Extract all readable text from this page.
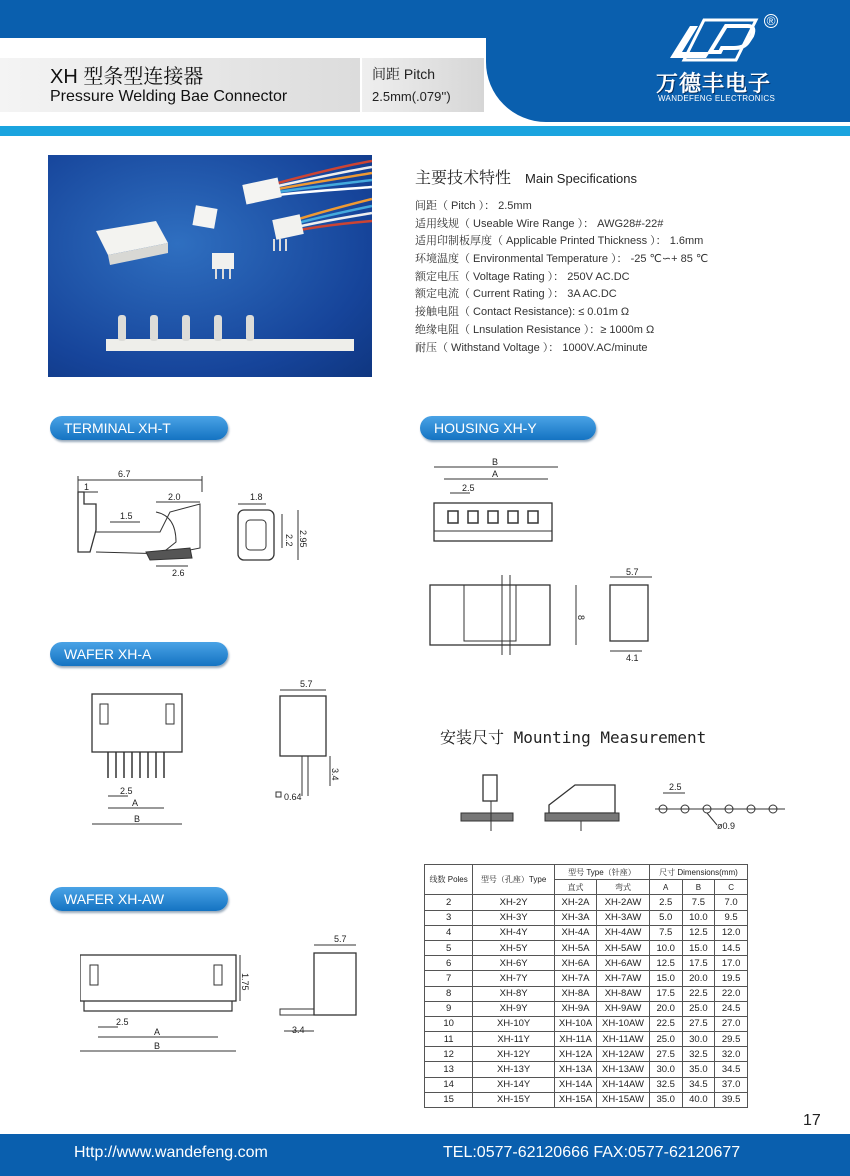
XH 型条型连接器
Pressure Welding Bae Connector
间距 Pitch
2.5mm(.079'')
®
万德丰电子
WANDEFENG ELECTRONICS
主要技术特性 Main Specifications
间距（ Pitch ）： 2.5mm
适用线规（ Useable Wire Range ）： AWG28#-22#
适用印制板厚度（ Applicable Printed Thickness ）： 1.6mm
环境温度（ Environmental Temperature ）： -25 ℃∽+ 85 ℃
额定电压（ Voltage Rating ）： 250V AC.DC
额定电流（ Current Rating ）： 3A AC.DC
接触电阻（ Contact Resistance): ≤ 0.01m Ω
绝缘电阻（ Lnsulation Resistance ）：≥ 1000m Ω
耐压（ Withstand Voltage ）： 1000V.AC/minute
TERMINAL XH-T	HOUSING XH-Y
WAFER XH-A
WAFER XH-AW
6.7
1
2.0
1.5
2.6
1.8
2.2 2.95
B
A
2.5
8
5.7
4.1
2.5
A
B
5.7
3.4
0.64
安装尺寸 Mounting Measurement
2.5
ø0.9
1.75
2.5
A
B
5.7
3.4
线数 Poles	型号（孔座）Type	型号 Type（针座）		尺寸 Dimensions(mm)		
		直式	弯式	A	B	C
2	XH-2Y	XH-2A	XH-2AW	2.5	7.5	7.0
3	XH-3Y	XH-3A	XH-3AW	5.0	10.0	9.5
4	XH-4Y	XH-4A	XH-4AW	7.5	12.5	12.0
5	XH-5Y	XH-5A	XH-5AW	10.0	15.0	14.5
6	XH-6Y	XH-6A	XH-6AW	12.5	17.5	17.0
7	XH-7Y	XH-7A	XH-7AW	15.0	20.0	19.5
8	XH-8Y	XH-8A	XH-8AW	17.5	22.5	22.0
9	XH-9Y	XH-9A	XH-9AW	20.0	25.0	24.5
10	XH-10Y	XH-10A	XH-10AW	22.5	27.5	27.0
11	XH-11Y	XH-11A	XH-11AW	25.0	30.0	29.5
12	XH-12Y	XH-12A	XH-12AW	27.5	32.5	32.0
13	XH-13Y	XH-13A	XH-13AW	30.0	35.0	34.5
14	XH-14Y	XH-14A	XH-14AW	32.5	34.5	37.0
15	XH-15Y	XH-15A	XH-15AW	35.0	40.0	39.5
17
Http://www.wandefeng.com	TEL:0577-62120666 FAX:0577-62120677
